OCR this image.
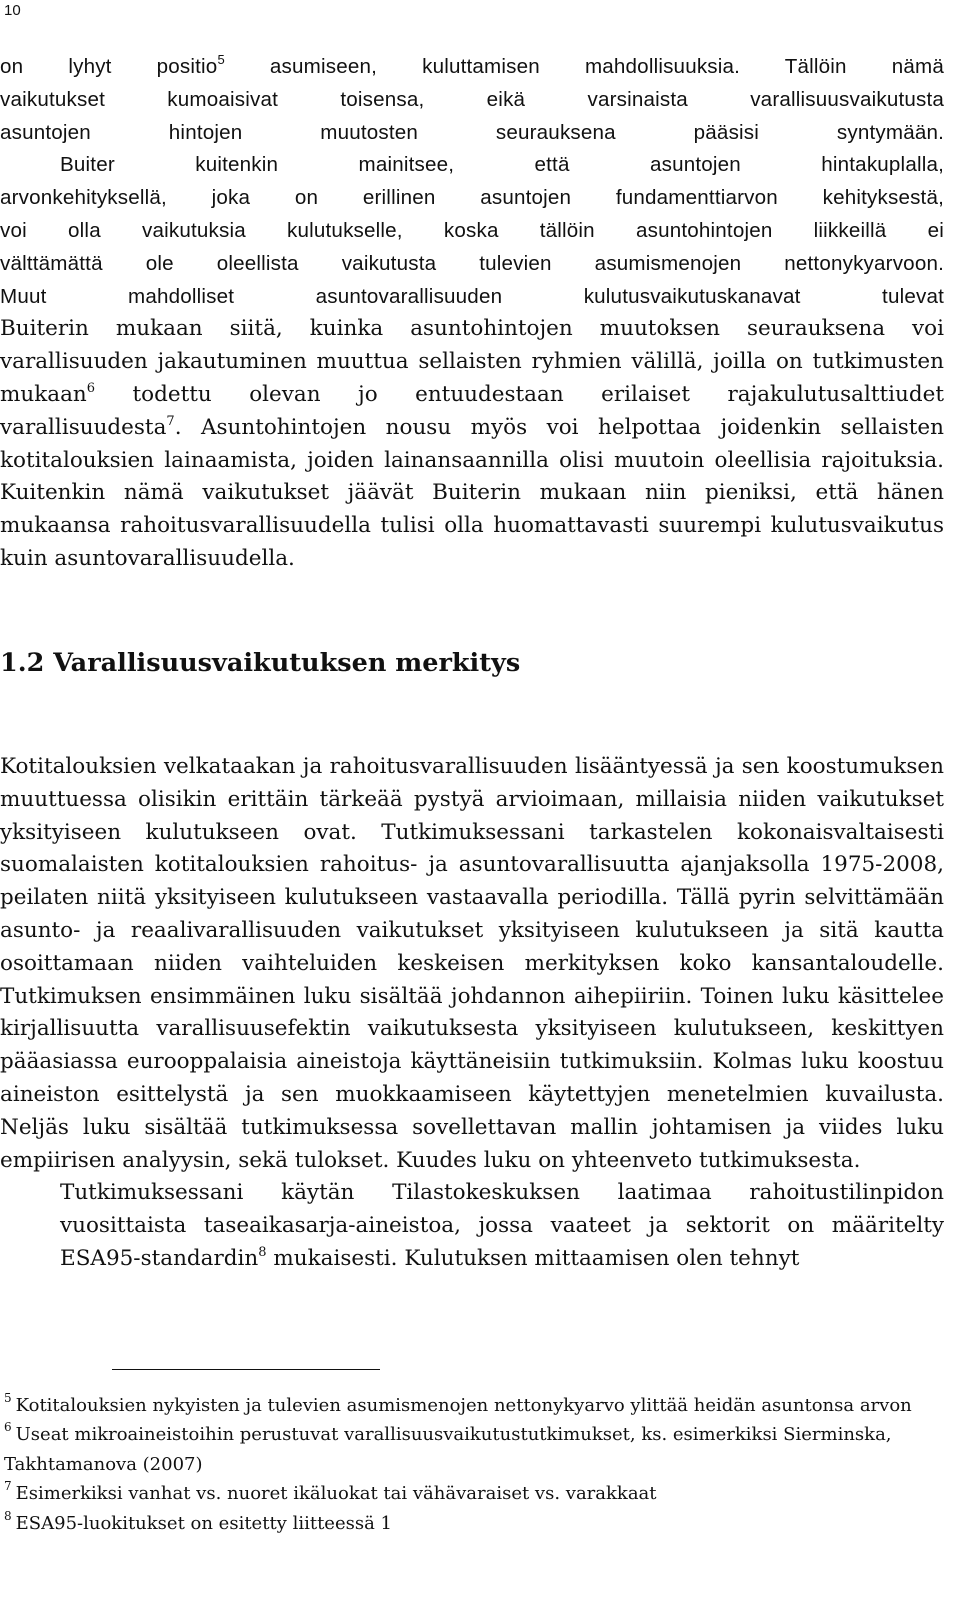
10

on lyhyt positio$^5$ asumiseen, kuluttamisen mahdollisuuksia. Tällöin nämä
vaikutukset kumoaisivat toisensa, eikä varsinaista varallisuusvaikutusta
asuntojen hintojen muutosten seurauksena pääsisi syntymään.

Buiter kuitenkin mainitsee, että asuntojen hintakuplalla,

arvonkehityksellä, joka on erillinen asuntojen fundamenttiarvon kehityksestä,

voi olla vaikutuksia kulutukselle, koska tällöin asuntohintojen liikkeillä ei

välttämättä ole oleellista vaikutusta tulevien asumismenojen nettonykyarvoon.

Muut mahdolliset asuntovarallisuuden kulutusvaikutuskanavat tulevat

Buiterin mukaan siitä, kuinka asuntohintojen muutoksen seurauksena voi varallisuuden jakautuminen muuttua sellaisten ryhmien välillä, joilla on tutkimusten mukaan$^6$ todettu olevan jo entuudestaan erilaiset rajakulutusalttiudet varallisuudesta$^7$. Asuntohintojen nousu myös voi helpottaa joidenkin sellaisten kotitalouksien lainaamista, joiden lainansaannilla olisi muutoin oleellisia rajoituksia. Kuitenkin nämä vaikutukset jäävät Buiterin mukaan niin pieniksi, että hänen mukaansa rahoitusvarallisuudella tulisi olla huomattavasti suurempi kulutusvaikutus kuin asuntovarallisuudella.

1.2 Varallisuusvaikutuksen merkitys

Kotitalouksien velkataakan ja rahoitusvarallisuuden lisääntyessä ja sen koostumuksen muuttuessa olisikin erittäin tärkeää pystyä arvioimaan, millaisia niiden vaikutukset yksityiseen kulutukseen ovat. Tutkimuksessani tarkastelen kokonaisvaltaisesti suomalaisten kotitalouksien rahoitus- ja asuntovarallisuutta ajanjaksolla 1975-2008, peilaten niitä yksityiseen kulutukseen vastaavalla periodilla. Tällä pyrin selvittämään asunto- ja reaalivarallisuuden vaikutukset yksityiseen kulutukseen ja sitä kautta osoittamaan niiden vaihteluiden keskeisen merkityksen koko kansantaloudelle. Tutkimuksen ensimmäinen luku sisältää johdannon aihepiiriin. Toinen luku käsittelee kirjallisuutta varallisuusefektin vaikutuksesta yksityiseen kulutukseen, keskittyen pääasiassa eurooppalaisia aineistoja käyttäneisiin tutkimuksiin. Kolmas luku koostuu aineiston esittelystä ja sen muokkaamiseen käytettyjen menetelmien kuvailusta. Neljäs luku sisältää tutkimuksessa sovellettavan mallin johtamisen ja viides luku empiirisen analyysin, sekä tulokset. Kuudes luku on yhteenveto tutkimuksesta.

Tutkimuksessani käytän Tilastokeskuksen laatimaa rahoitustilinpidon vuosittaista taseaikasarja-aineistoa, jossa vaateet ja sektorit on määritelty ESA95-standardin$^8$ mukaisesti. Kulutuksen mittaamisen olen tehnyt

$^5$ Kotitalouksien nykyisten ja tulevien asumismenojen nettonykyarvo ylittää heidän asuntonsa arvon

$^6$ Useat mikroaineistoihin perustuvat varallisuusvaikutustutkimukset, ks. esimerkiksi Sierminska, Takhtamanova (2007)

$^7$ Esimerkiksi vanhat vs. nuoret ikäluokat tai vähävaraiset vs. varakkaat

$^8$ ESA95-luokitukset on esitetty liitteessä 1
